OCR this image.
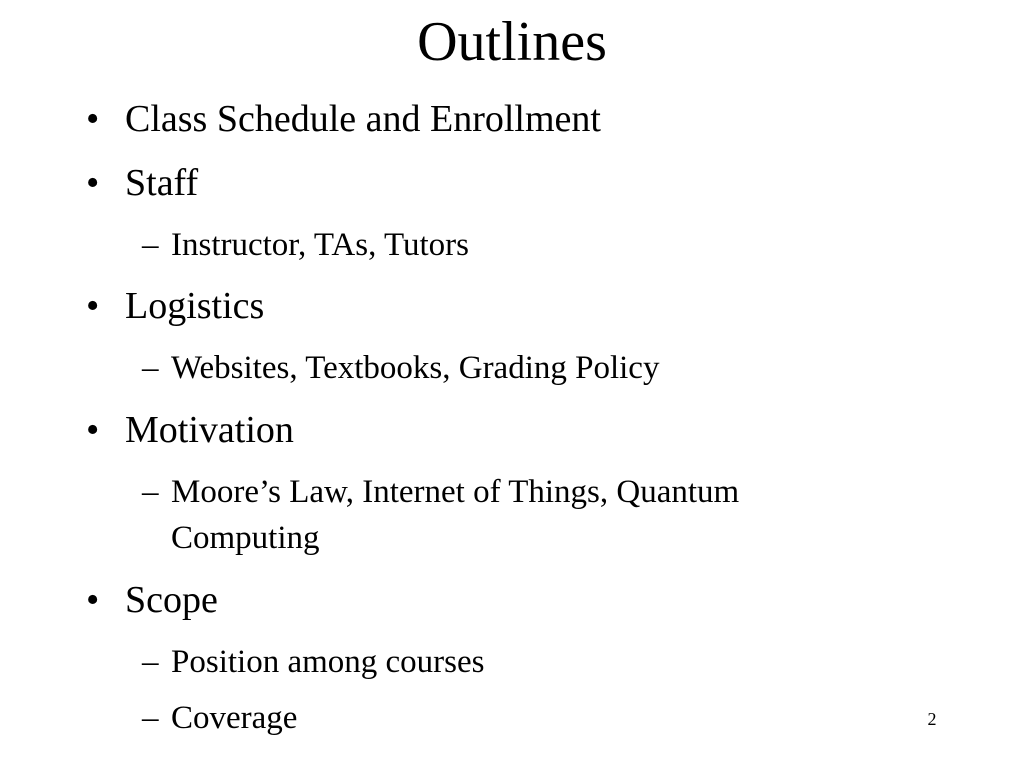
Outlines
• Class Schedule and Enrollment
• Staff
– Instructor, TAs, Tutors
• Logistics
– Websites, Textbooks, Grading Policy
• Motivation
– Moore’s Law, Internet of Things, Quantum
Computing
• Scope
– Position among courses
– Coverage	2
